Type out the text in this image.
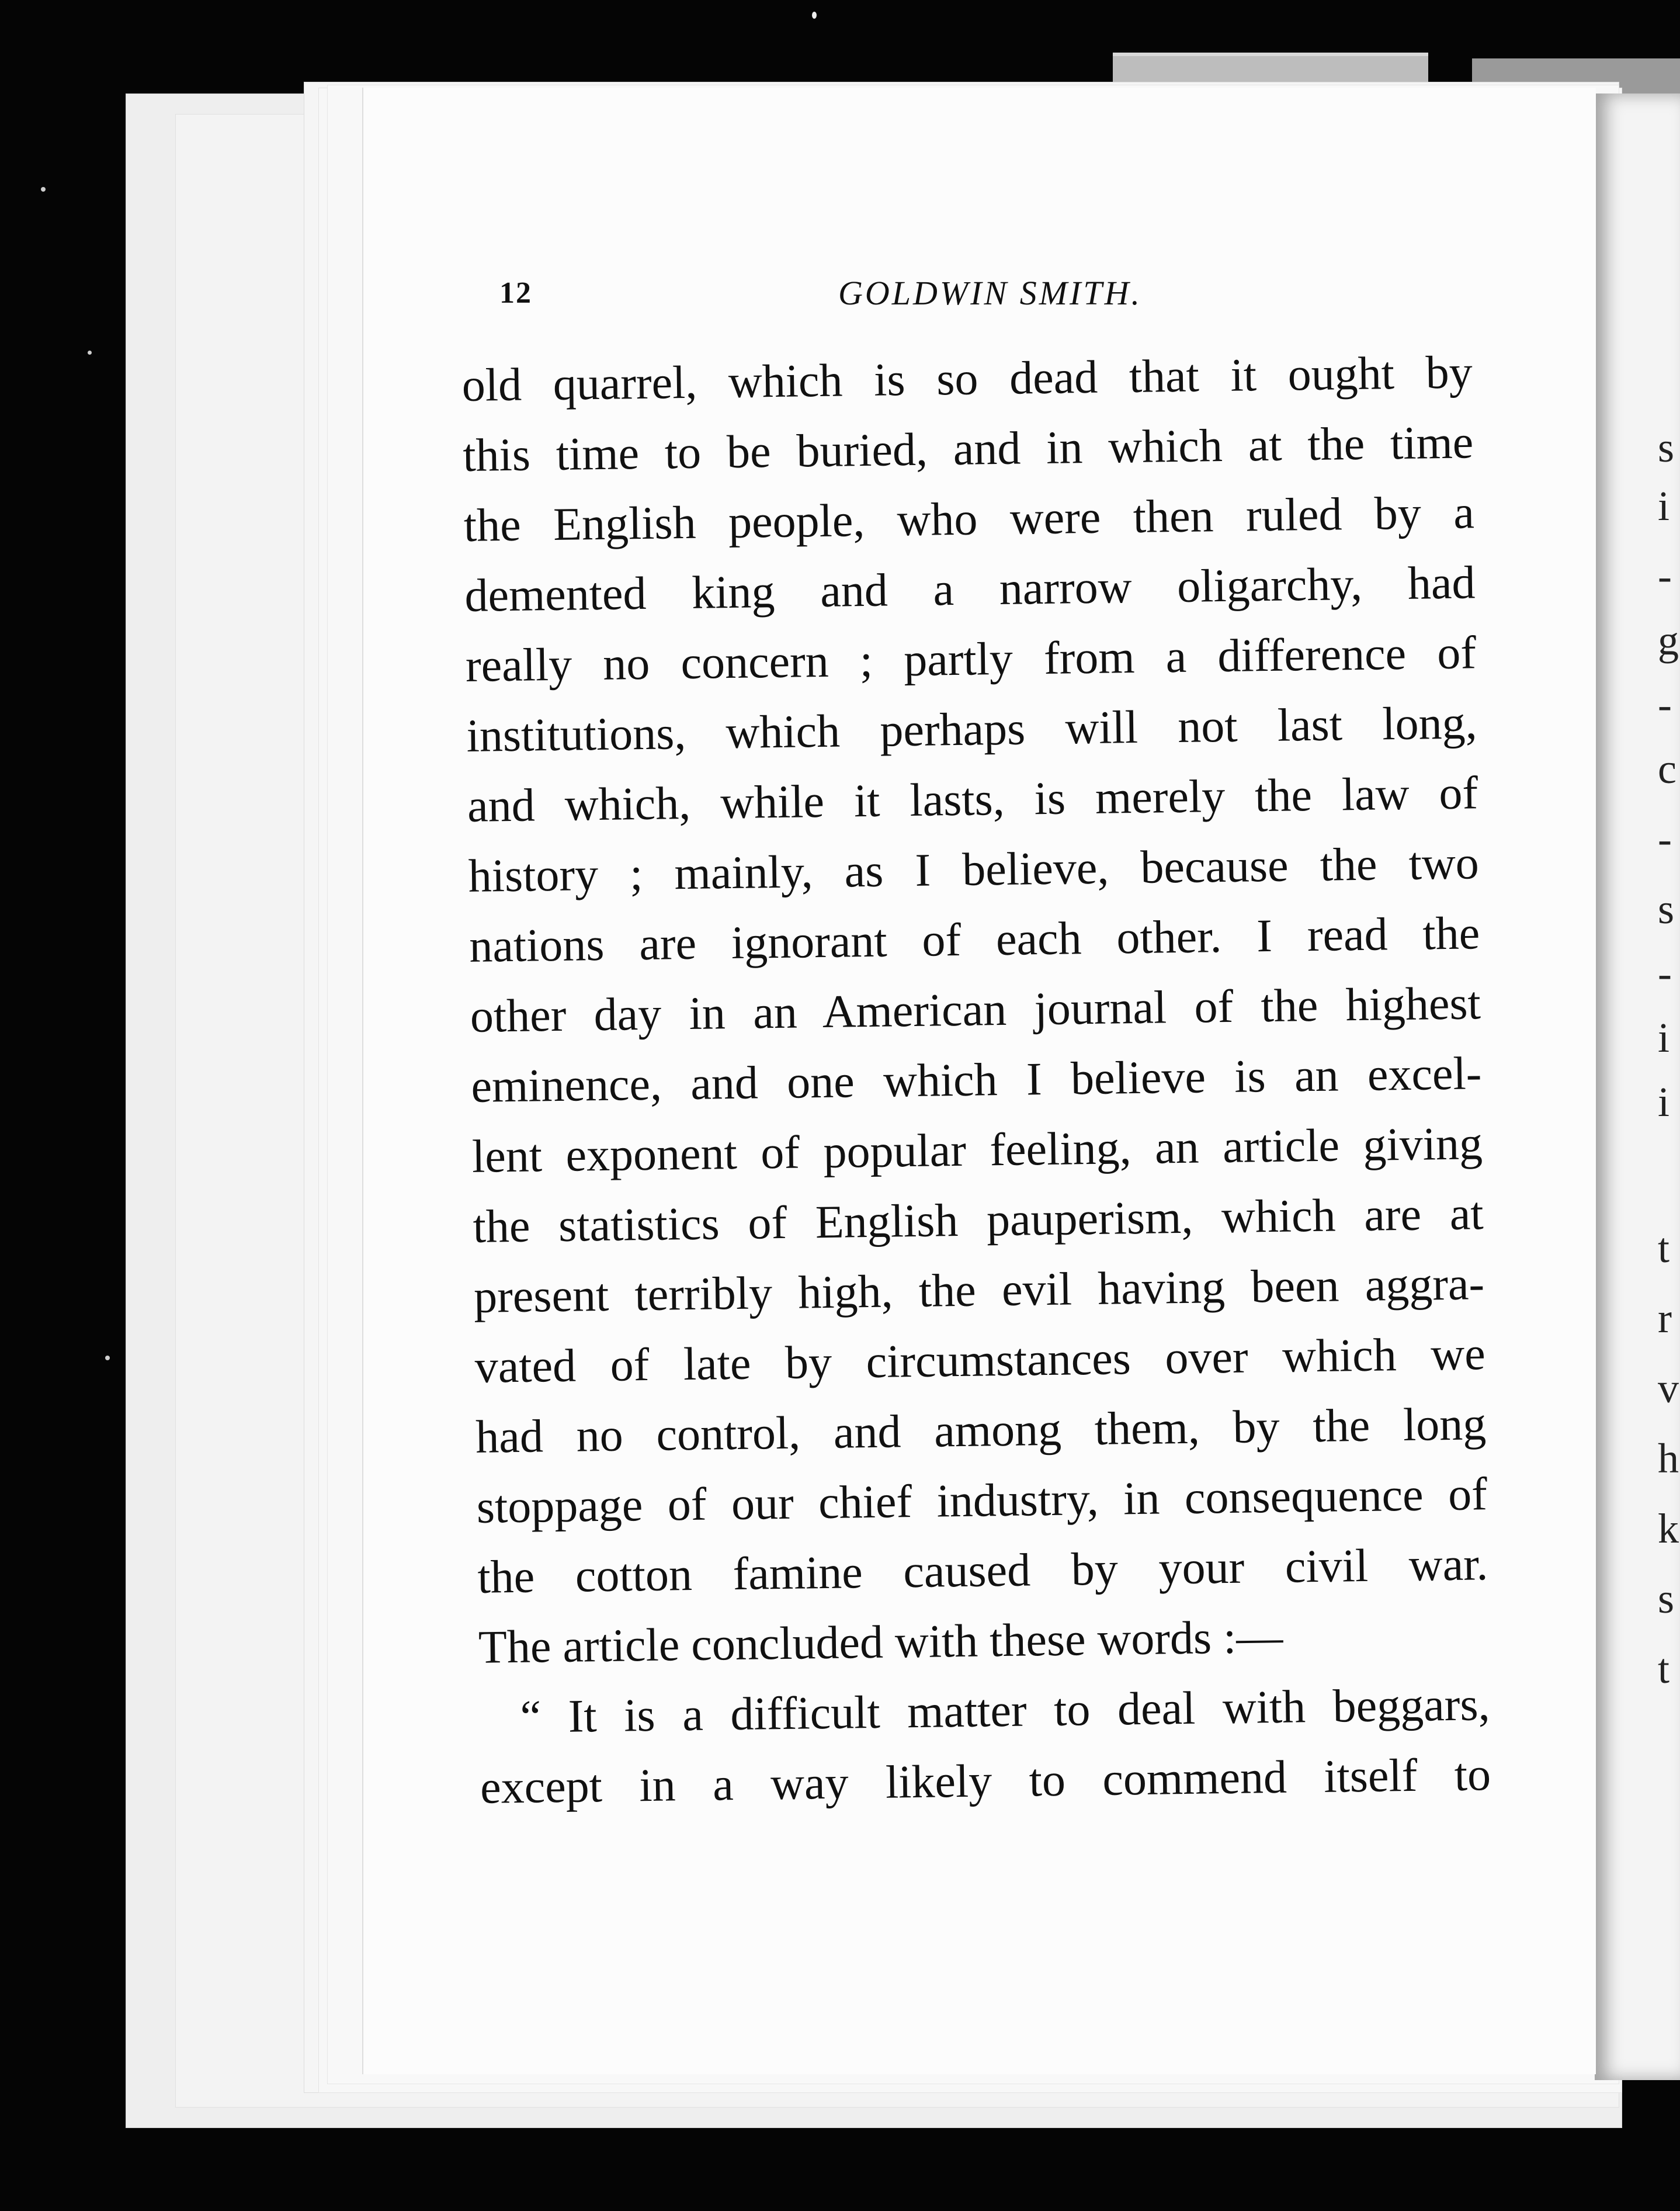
s
i
-
g
-
c
-
s
-
i
i
t
r
v
h
k
s
t
12	GOLDWIN SMITH.
old quarrel, which is so dead that it ought by
this time to be buried, and in which at the time
the English people, who were then ruled by a
demented king and a narrow oligarchy, had
really no concern ; partly from a difference of
institutions, which perhaps will not last long,
and which, while it lasts, is merely the law of
history ; mainly, as I believe, because the two
nations are ignorant of each other. I read the
other day in an American journal of the highest
eminence, and one which I believe is an excel-
lent exponent of popular feeling, an article giving
the statistics of English pauperism, which are at
present terribly high, the evil having been aggra-
vated of late by circumstances over which we
had no control, and among them, by the long
stoppage of our chief industry, in consequence of
the cotton famine caused by your civil war.
The article concluded with these words :—
“ It is a difficult matter to deal with beggars,
except in a way likely to commend itself to
